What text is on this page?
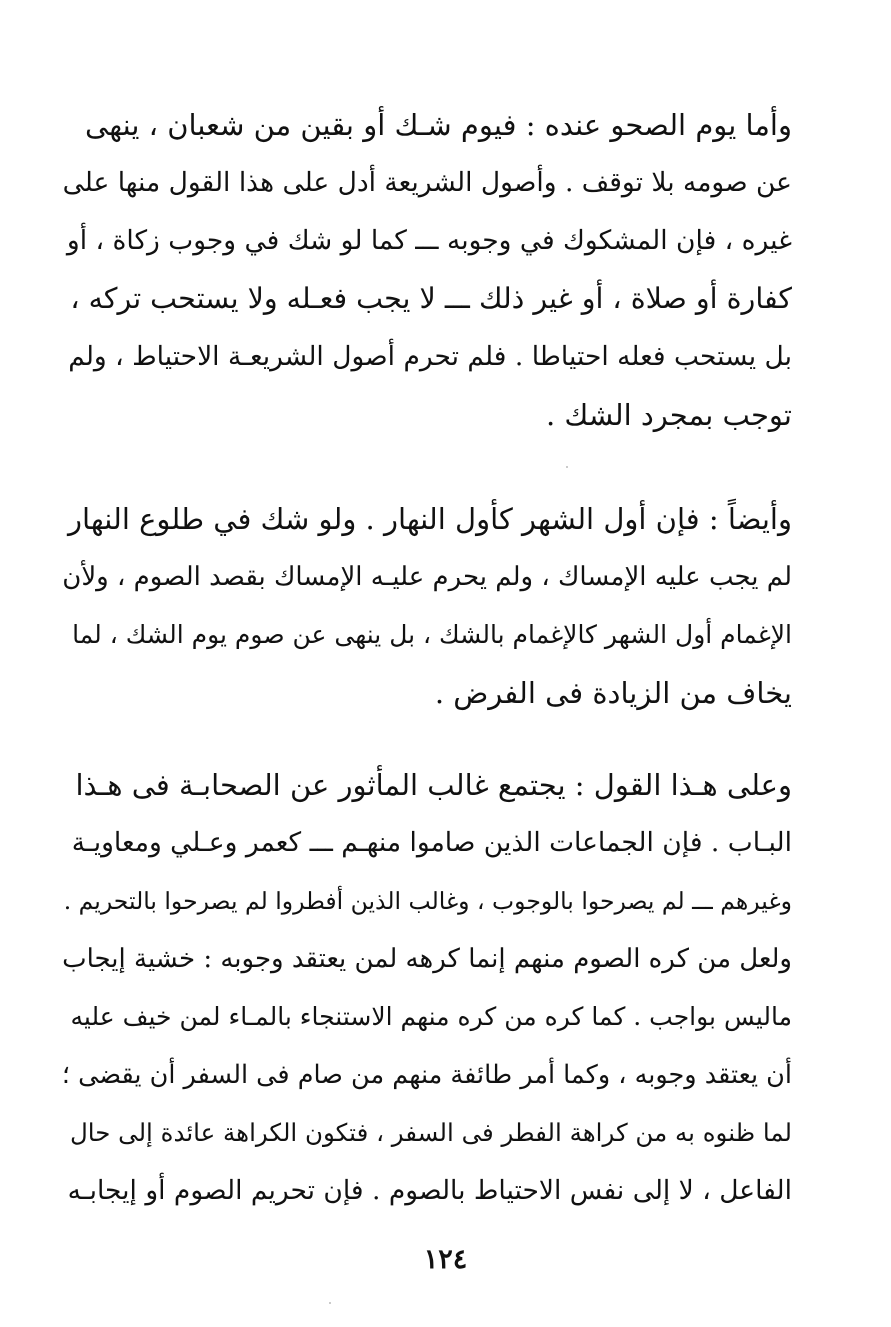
وأما يوم الصحو عنده : فيوم شـك أو بقين من شعبان ، ينهى
عن صومه بلا توقف . وأصول الشريعة أدل على هذا القول منها على
غيره ، فإن المشكوك في وجوبه ـــ كما لو شك في وجوب زكاة ، أو
كفارة أو صلاة ، أو غير ذلك ـــ لا يجب فعـله ولا يستحب تركه ،
بل يستحب فعله احتياطا . فلم تحرم أصول الشريعـة الاحتياط ، ولم
توجب بمجرد الشك .
وأيضاً : فإن أول الشهر كأول النهار . ولو شك في طلوع النهار
لم يجب عليه الإمساك ، ولم يحرم عليـه الإمساك بقصد الصوم ، ولأن
الإغمام أول الشهر كالإغمام بالشك ، بل ينهى عن صوم يوم الشك ، لما
يخاف من الزيادة فى الفرض .
وعلى هـذا القول : يجتمع غالب المأثور عن الصحابـة فى هـذا
البـاب . فإن الجماعات الذين صاموا منهـم ـــ كعمر وعـلي ومعاويـة
وغيرهم ـــ لم يصرحوا بالوجوب ، وغالب الذين أفطروا لم يصرحوا بالتحريم .
ولعل من كره الصوم منهم إنما كرهه لمن يعتقد وجوبه : خشية إيجاب
ماليس بواجب . كما كره من كره منهم الاستنجاء بالمـاء لمن خيف عليه
أن يعتقد وجوبه ، وكما أمر طائفة منهم من صام فى السفر أن يقضى ؛
لما ظنوه به من كراهة الفطر فى السفر ، فتكون الكراهة عائدة إلى حال
الفاعل ، لا إلى نفس الاحتياط بالصوم . فإن تحريم الصوم أو إيجابـه
١٢٤
